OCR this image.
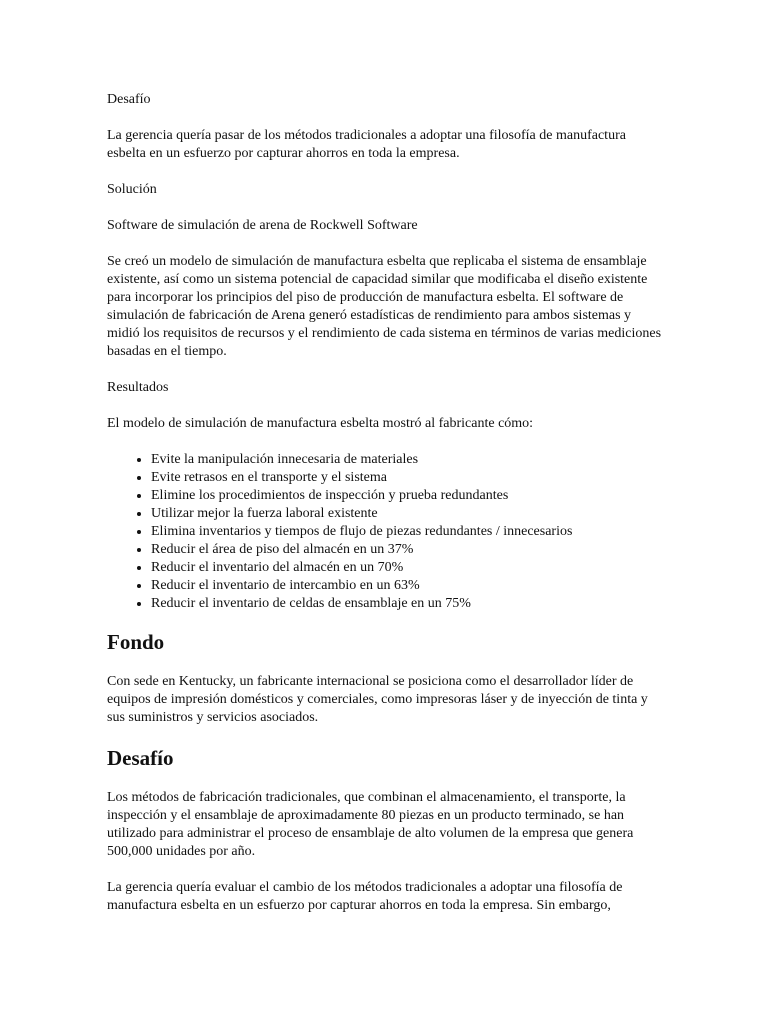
Desafío

La gerencia quería pasar de los métodos tradicionales a adoptar una filosofía de manufactura esbelta en un esfuerzo por capturar ahorros en toda la empresa.

Solución

Software de simulación de arena de Rockwell Software

Se creó un modelo de simulación de manufactura esbelta que replicaba el sistema de ensamblaje existente, así como un sistema potencial de capacidad similar que modificaba el diseño existente para incorporar los principios del piso de producción de manufactura esbelta. El software de simulación de fabricación de Arena generó estadísticas de rendimiento para ambos sistemas y midió los requisitos de recursos y el rendimiento de cada sistema en términos de varias mediciones basadas en el tiempo.

Resultados

El modelo de simulación de manufactura esbelta mostró al fabricante cómo:

• Evite la manipulación innecesaria de materiales
• Evite retrasos en el transporte y el sistema
• Elimine los procedimientos de inspección y prueba redundantes
• Utilizar mejor la fuerza laboral existente
• Elimina inventarios y tiempos de flujo de piezas redundantes / innecesarios
• Reducir el área de piso del almacén en un 37%
• Reducir el inventario del almacén en un 70%
• Reducir el inventario de intercambio en un 63%
• Reducir el inventario de celdas de ensamblaje en un 75%
Fondo

Con sede en Kentucky, un fabricante internacional se posiciona como el desarrollador líder de equipos de impresión domésticos y comerciales, como impresoras láser y de inyección de tinta y sus suministros y servicios asociados.

Desafío

Los métodos de fabricación tradicionales, que combinan el almacenamiento, el transporte, la inspección y el ensamblaje de aproximadamente 80 piezas en un producto terminado, se han utilizado para administrar el proceso de ensamblaje de alto volumen de la empresa que genera 500,000 unidades por año.

La gerencia quería evaluar el cambio de los métodos tradicionales a adoptar una filosofía de manufactura esbelta en un esfuerzo por capturar ahorros en toda la empresa. Sin embargo,
